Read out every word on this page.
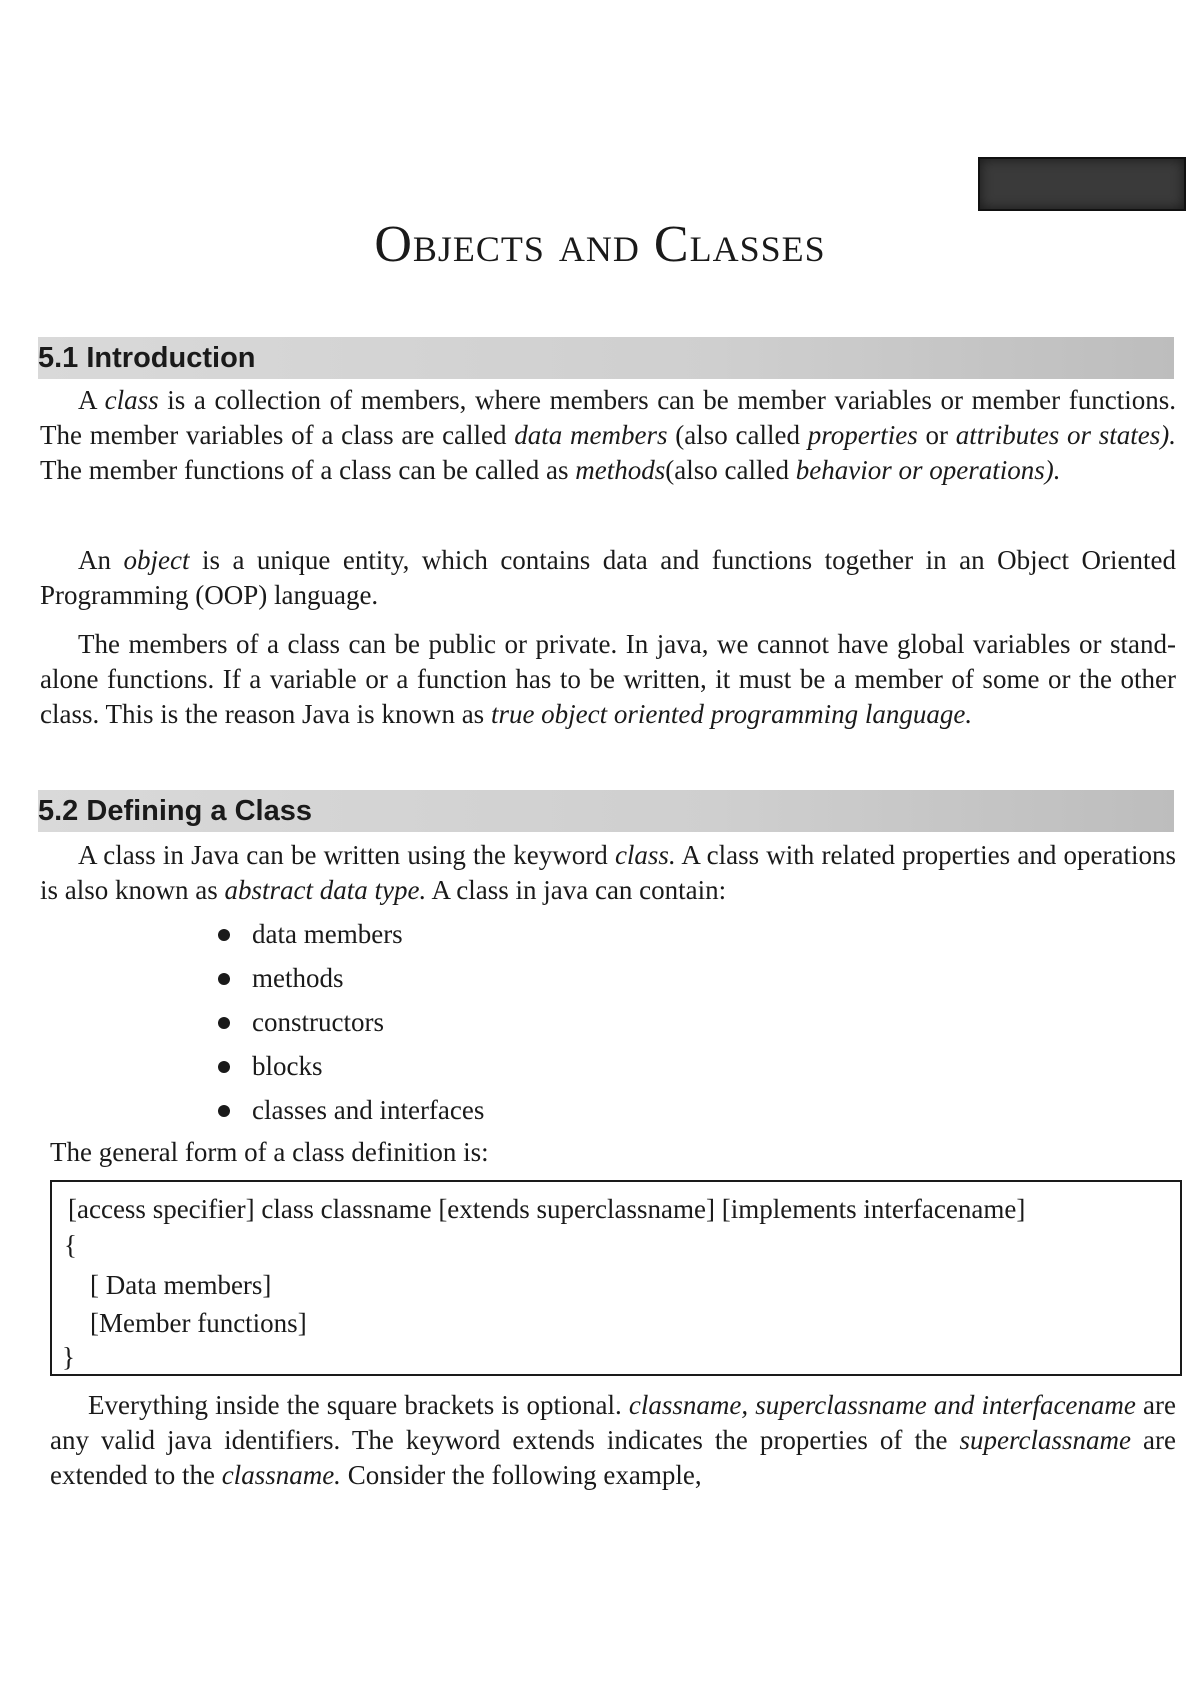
Objects and Classes
5.1 Introduction

A class is a collection of members, where members can be member variables or member functions. The member variables of a class are called data members (also called properties or attributes or states). The member functions of a class can be called as methods(also called behavior or operations).

An object is a unique entity, which contains data and functions together in an Object Oriented Programming (OOP) language.

The members of a class can be public or private. In java, we cannot have global variables or stand-alone functions. If a variable or a function has to be written, it must be a member of some or the other class. This is the reason Java is known as true object oriented programming language.

5.2 Defining a Class

A class in Java can be written using the keyword class. A class with related properties and operations is also known as abstract data type. A class in java can contain:

data members
methods
constructors
blocks
classes and interfaces

The general form of a class definition is:

[access specifier] class classname [extends superclassname] [implements interfacename]
{
[ Data members]
[Member functions]
}

Everything inside the square brackets is optional. classname, superclassname and interfacename are any valid java identifiers. The keyword extends indicates the properties of the superclassname are extended to the classname. Consider the following example,
